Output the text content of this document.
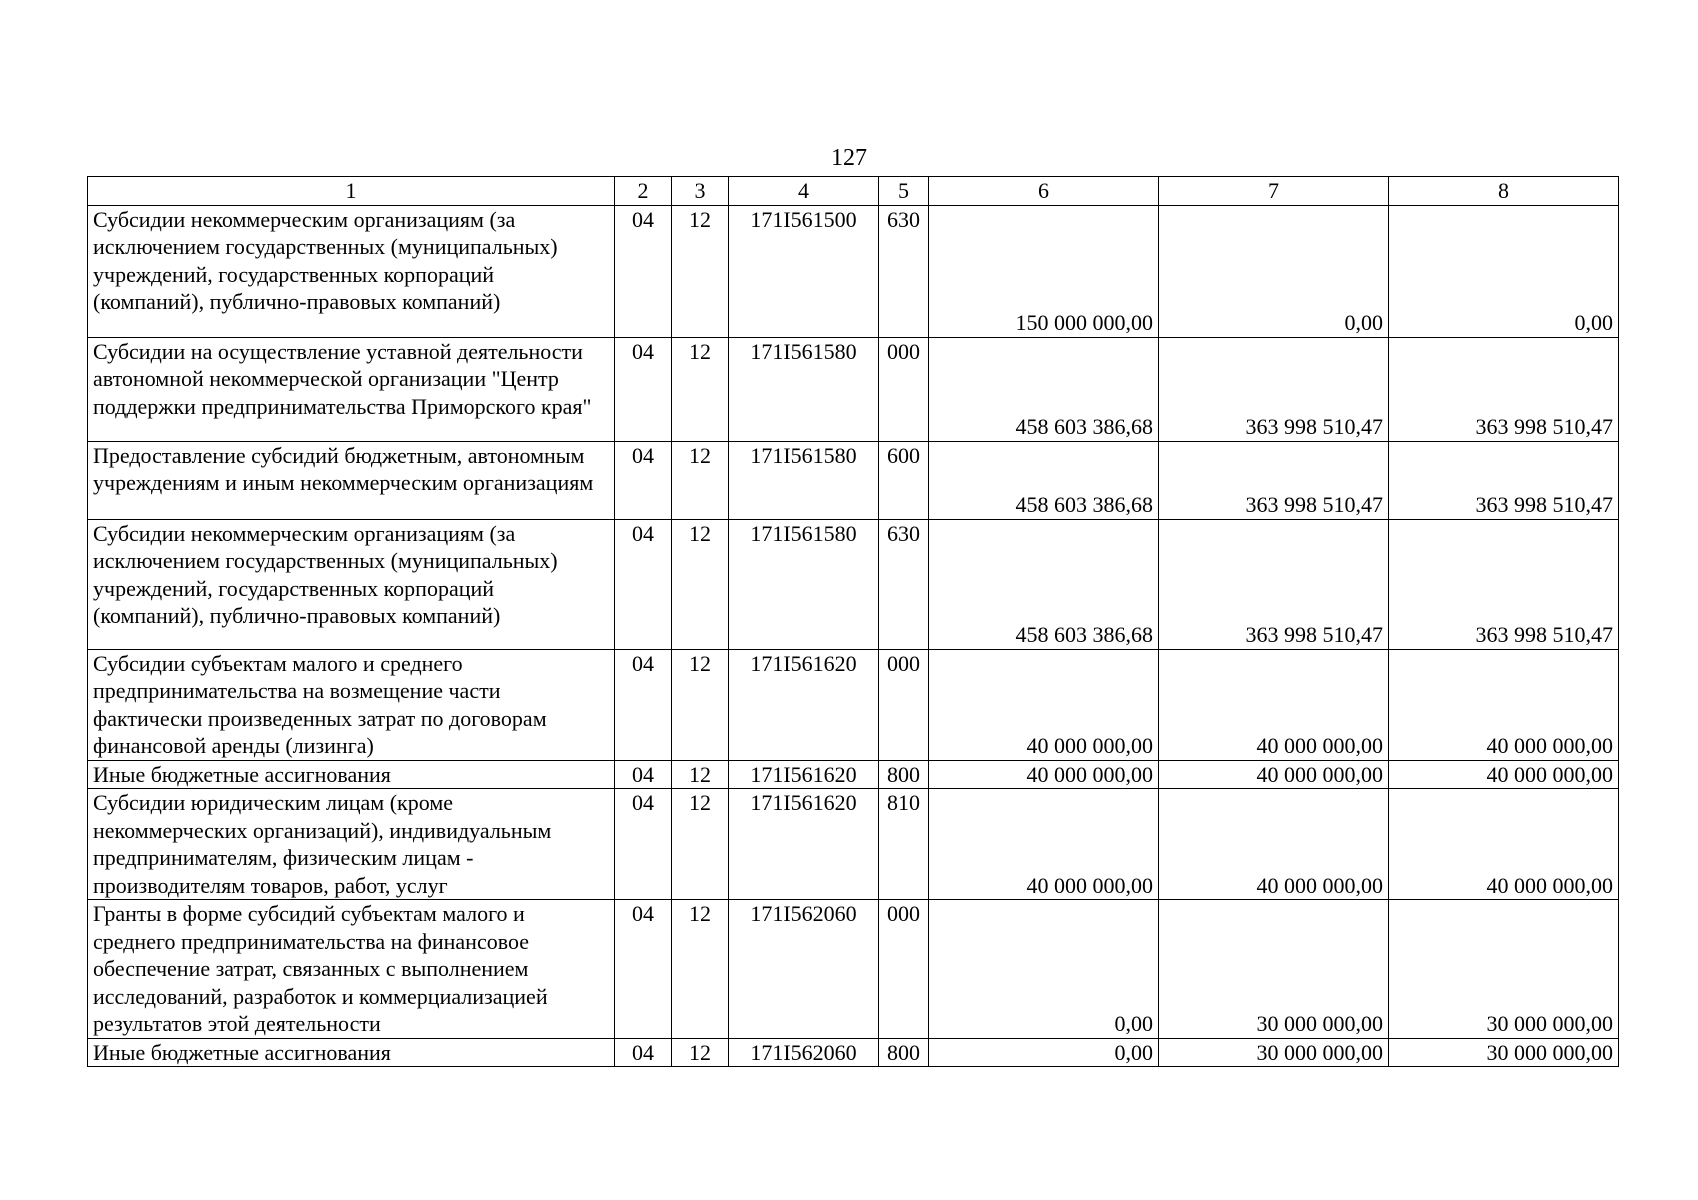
127
1	2	3	4	5	6	7	8
Субсидии некоммерческим организациям (за исключением государственных (муниципальных) учреждений, государственных корпораций (компаний), публично-правовых компаний)	04	12	171I561500	630	150 000 000,00	0,00	0,00
Субсидии на осуществление уставной деятельности автономной некоммерческой организации "Центр поддержки предпринимательства Приморского края"	04	12	171I561580	000	458 603 386,68	363 998 510,47	363 998 510,47
Предоставление субсидий бюджетным, автономным учреждениям и иным некоммерческим организациям	04	12	171I561580	600	458 603 386,68	363 998 510,47	363 998 510,47
Субсидии некоммерческим организациям (за исключением государственных (муниципальных) учреждений, государственных корпораций (компаний), публично-правовых компаний)	04	12	171I561580	630	458 603 386,68	363 998 510,47	363 998 510,47
Субсидии субъектам малого и среднего предпринимательства на возмещение части фактически произведенных затрат по договорам финансовой аренды (лизинга)	04	12	171I561620	000	40 000 000,00	40 000 000,00	40 000 000,00
Иные бюджетные ассигнования	04	12	171I561620	800	40 000 000,00	40 000 000,00	40 000 000,00
Субсидии юридическим лицам (кроме некоммерческих организаций), индивидуальным предпринимателям, физическим лицам - производителям товаров, работ, услуг	04	12	171I561620	810	40 000 000,00	40 000 000,00	40 000 000,00
Гранты в форме субсидий субъектам малого и среднего предпринимательства на финансовое обеспечение затрат, связанных с выполнением исследований, разработок и коммерциализацией результатов этой деятельности	04	12	171I562060	000	0,00	30 000 000,00	30 000 000,00
Иные бюджетные ассигнования	04	12	171I562060	800	0,00	30 000 000,00	30 000 000,00
